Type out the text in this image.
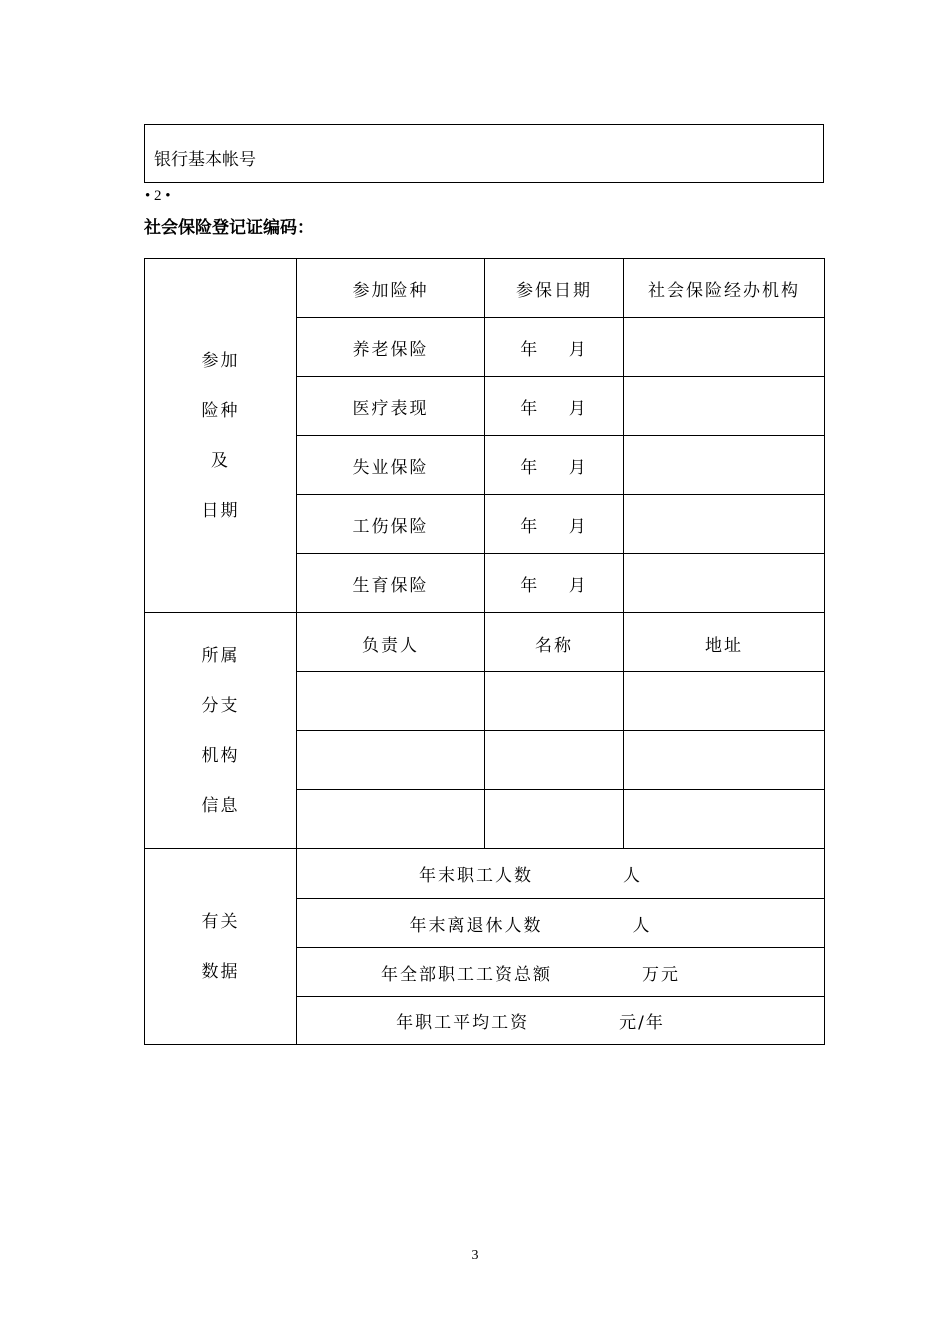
银行基本帐号
• 2 •
社会保险登记证编码：
参加
险种
及
日期	参加险种	参保日期	社会保险经办机构
	养老保险	年    月	
	医疗表现	年    月	
	失业保险	年    月	
	工伤保险	年    月	
	生育保险	年    月	

所属
分支
机构
信息	负责人	名称	地址

有关
数据	年末职工人数 人		
	年末离退休人数 人		
	年全部职工工资总额 万元		
	年职工平均工资 元/年		
3
